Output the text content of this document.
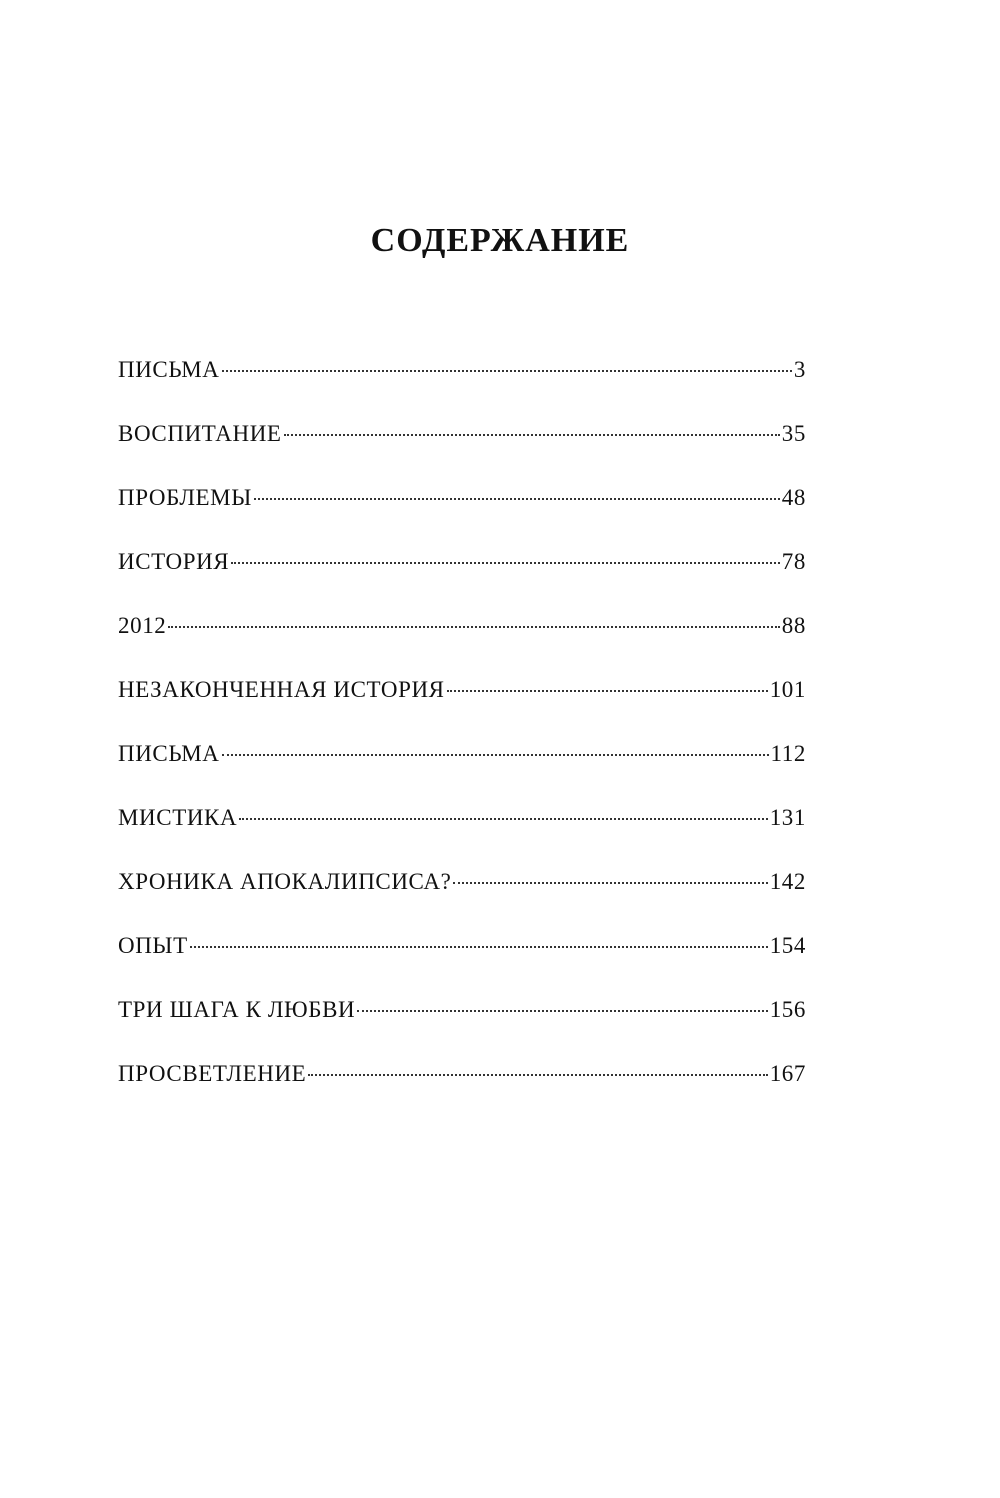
СОДЕРЖАНИЕ
ПИСЬМА	3
ВОСПИТАНИЕ	35
ПРОБЛЕМЫ	48
ИСТОРИЯ	78
2012	88
НЕЗАКОНЧЕННАЯ ИСТОРИЯ	101
ПИСЬМА	112
МИСТИКА	131
ХРОНИКА АПОКАЛИПСИСА?	142
ОПЫТ	154
ТРИ ШАГА К ЛЮБВИ	156
ПРОСВЕТЛЕНИЕ	167
